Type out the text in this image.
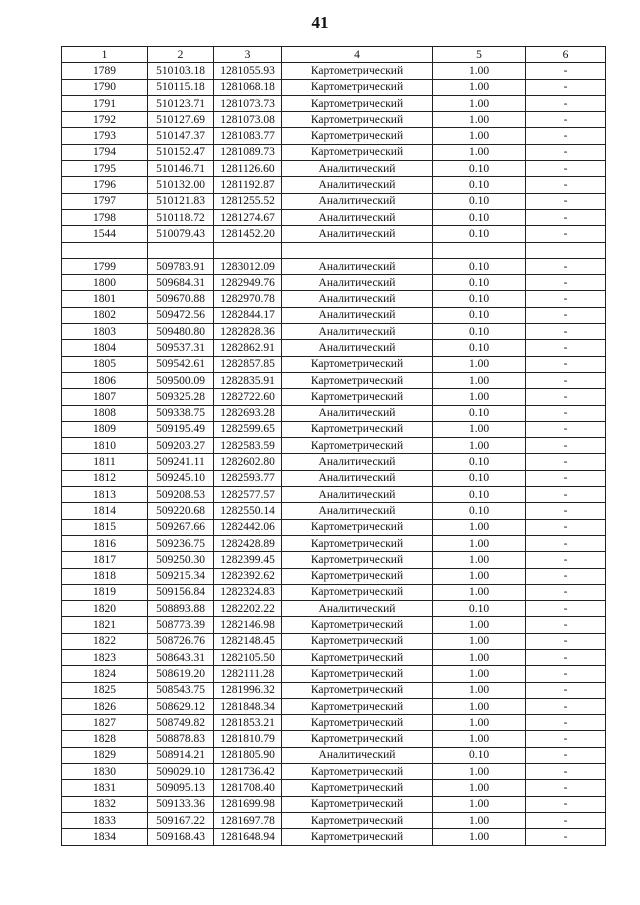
41
1	2	3	4	5	6
1789	510103.18	1281055.93	Картометрический	1.00	-
1790	510115.18	1281068.18	Картометрический	1.00	-
1791	510123.71	1281073.73	Картометрический	1.00	-
1792	510127.69	1281073.08	Картометрический	1.00	-
1793	510147.37	1281083.77	Картометрический	1.00	-
1794	510152.47	1281089.73	Картометрический	1.00	-
1795	510146.71	1281126.60	Аналитический	0.10	-
1796	510132.00	1281192.87	Аналитический	0.10	-
1797	510121.83	1281255.52	Аналитический	0.10	-
1798	510118.72	1281274.67	Аналитический	0.10	-
1544	510079.43	1281452.20	Аналитический	0.10	-

1799	509783.91	1283012.09	Аналитический	0.10	-
1800	509684.31	1282949.76	Аналитический	0.10	-
1801	509670.88	1282970.78	Аналитический	0.10	-
1802	509472.56	1282844.17	Аналитический	0.10	-
1803	509480.80	1282828.36	Аналитический	0.10	-
1804	509537.31	1282862.91	Аналитический	0.10	-
1805	509542.61	1282857.85	Картометрический	1.00	-
1806	509500.09	1282835.91	Картометрический	1.00	-
1807	509325.28	1282722.60	Картометрический	1.00	-
1808	509338.75	1282693.28	Аналитический	0.10	-
1809	509195.49	1282599.65	Картометрический	1.00	-
1810	509203.27	1282583.59	Картометрический	1.00	-
1811	509241.11	1282602.80	Аналитический	0.10	-
1812	509245.10	1282593.77	Аналитический	0.10	-
1813	509208.53	1282577.57	Аналитический	0.10	-
1814	509220.68	1282550.14	Аналитический	0.10	-
1815	509267.66	1282442.06	Картометрический	1.00	-
1816	509236.75	1282428.89	Картометрический	1.00	-
1817	509250.30	1282399.45	Картометрический	1.00	-
1818	509215.34	1282392.62	Картометрический	1.00	-
1819	509156.84	1282324.83	Картометрический	1.00	-
1820	508893.88	1282202.22	Аналитический	0.10	-
1821	508773.39	1282146.98	Картометрический	1.00	-
1822	508726.76	1282148.45	Картометрический	1.00	-
1823	508643.31	1282105.50	Картометрический	1.00	-
1824	508619.20	1282111.28	Картометрический	1.00	-
1825	508543.75	1281996.32	Картометрический	1.00	-
1826	508629.12	1281848.34	Картометрический	1.00	-
1827	508749.82	1281853.21	Картометрический	1.00	-
1828	508878.83	1281810.79	Картометрический	1.00	-
1829	508914.21	1281805.90	Аналитический	0.10	-
1830	509029.10	1281736.42	Картометрический	1.00	-
1831	509095.13	1281708.40	Картометрический	1.00	-
1832	509133.36	1281699.98	Картометрический	1.00	-
1833	509167.22	1281697.78	Картометрический	1.00	-
1834	509168.43	1281648.94	Картометрический	1.00	-
